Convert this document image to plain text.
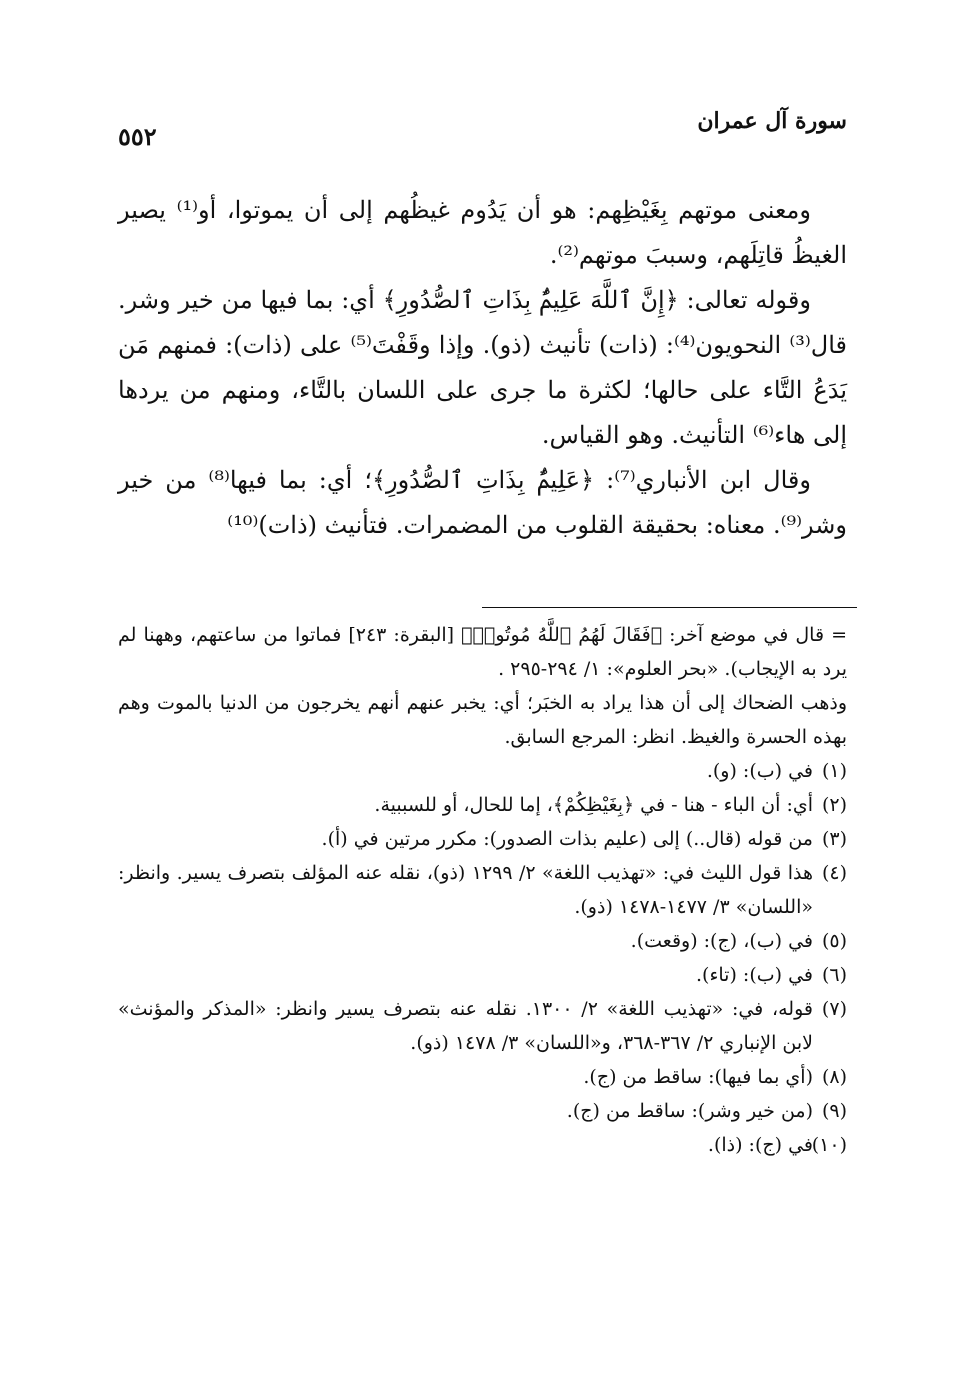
سورة آل عمران
٥٥٢

ومعنى موتهم بِغَيْظِهم: هو أن يَدُوم غيظُهم إلى أن يموتوا، أو⁽¹⁾ يصير الغيظُ قاتِلَهم، وسببَ موتهم⁽²⁾.

وقوله تعالى: ﴿إِنَّ ٱللَّهَ عَلِيمٌۢ بِذَاتِ ٱلصُّدُورِ﴾ أي: بما فيها من خير وشر. قال⁽³⁾ النحويون⁽⁴⁾: (ذات) تأنيث (ذو). وإذا وقَفْتَ⁽⁵⁾ على (ذات): فمنهم مَن يَدَعُ التَّاء على حالها؛ لكثرة ما جرى على اللسان بالتَّاء، ومنهم من يردها إلى هاء⁽⁶⁾ التأنيث. وهو القياس.

وقال ابن الأنباري⁽⁷⁾: ﴿عَلِيمٌۢ بِذَاتِ ٱلصُّدُورِ﴾؛ أي: بما فيها⁽⁸⁾ من خير وشر⁽⁹⁾. معناه: بحقيقة القلوب من المضمرات. فتأنيث (ذات)⁽¹⁰⁾

= قال في موضع آخر: ﴿فَقَالَ لَهُمُ ٱللَّهُ مُوتُوا۟﴾ [البقرة: ٢٤٣] فماتوا من ساعتهم، وههنا لم يرد به الإيجاب). «بحر العلوم»: ١/ ٢٩٤-٢٩٥ .

وذهب الضحاك إلى أن هذا يراد به الخبَر؛ أي: يخبر عنهم أنهم يخرجون من الدنيا بالموت وهم بهذه الحسرة والغيظ. انظر: المرجع السابق.

(١)في (ب): (و).

(٢)أي: أن الباء - هنا - في ﴿بِغَيْظِكُمْ﴾، إما للحال، أو للسببية.

(٣)من قوله (قال..) إلى (عليم بذات الصدور): مكرر مرتين في (أ).

(٤)هذا قول الليث في: «تهذيب اللغة» ٢/ ١٢٩٩ (ذو)، نقله عنه المؤلف بتصرف يسير. وانظر: «اللسان» ٣/ ١٤٧٧-١٤٧٨ (ذو).

(٥)في (ب)، (ج): (وقعت).

(٦)في (ب): (تاء).

(٧)قوله، في: «تهذيب اللغة» ٢/ ١٣٠٠. نقله عنه بتصرف يسير وانظر: «المذكر والمؤنث» لابن الإنباري ٢/ ٣٦٧-٣٦٨، و«اللسان» ٣/ ١٤٧٨ (ذو).

(٨)(أي بما فيها): ساقط من (ج).

(٩)(من خير وشر): ساقط من (ج).

(١٠)في (ج): (ذا).
